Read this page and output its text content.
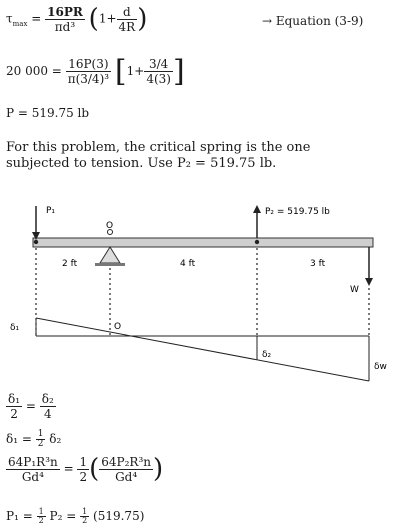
$\tau_{max} = \frac{16PR}{\text{πd³}} (1+ \frac{d}{4R}$ )	→ Equation (3-9)
20 $000 = \frac{16P(3)}{\text{π(3/4)³}} [1+ \frac{3/4}{4(3)}$ ]
P = 519.75 lb
For this problem, the critical spring is the one
subjected to tension. Use P₂ = 519.75 lb.
P₁	P₂ = 519.75 lb
W
O
2 ft	4 ft	3 ft
O
δ₁
δ₂
δw
$\frac{\text{δ₁}}{2} = \frac{\text{δ₂}}{4}$
$\delta_1 = \frac{1}{2} \delta_2$
$\frac{\text{64P₁R³n}}{\text{Gd⁴}} = \frac{1}{2}$ ( $\frac{\text{64P₂R³n}}{\text{Gd⁴}}$ )
$P_1 = \frac{1}{2} P_2 = \frac{1}{2} (519.75)$
